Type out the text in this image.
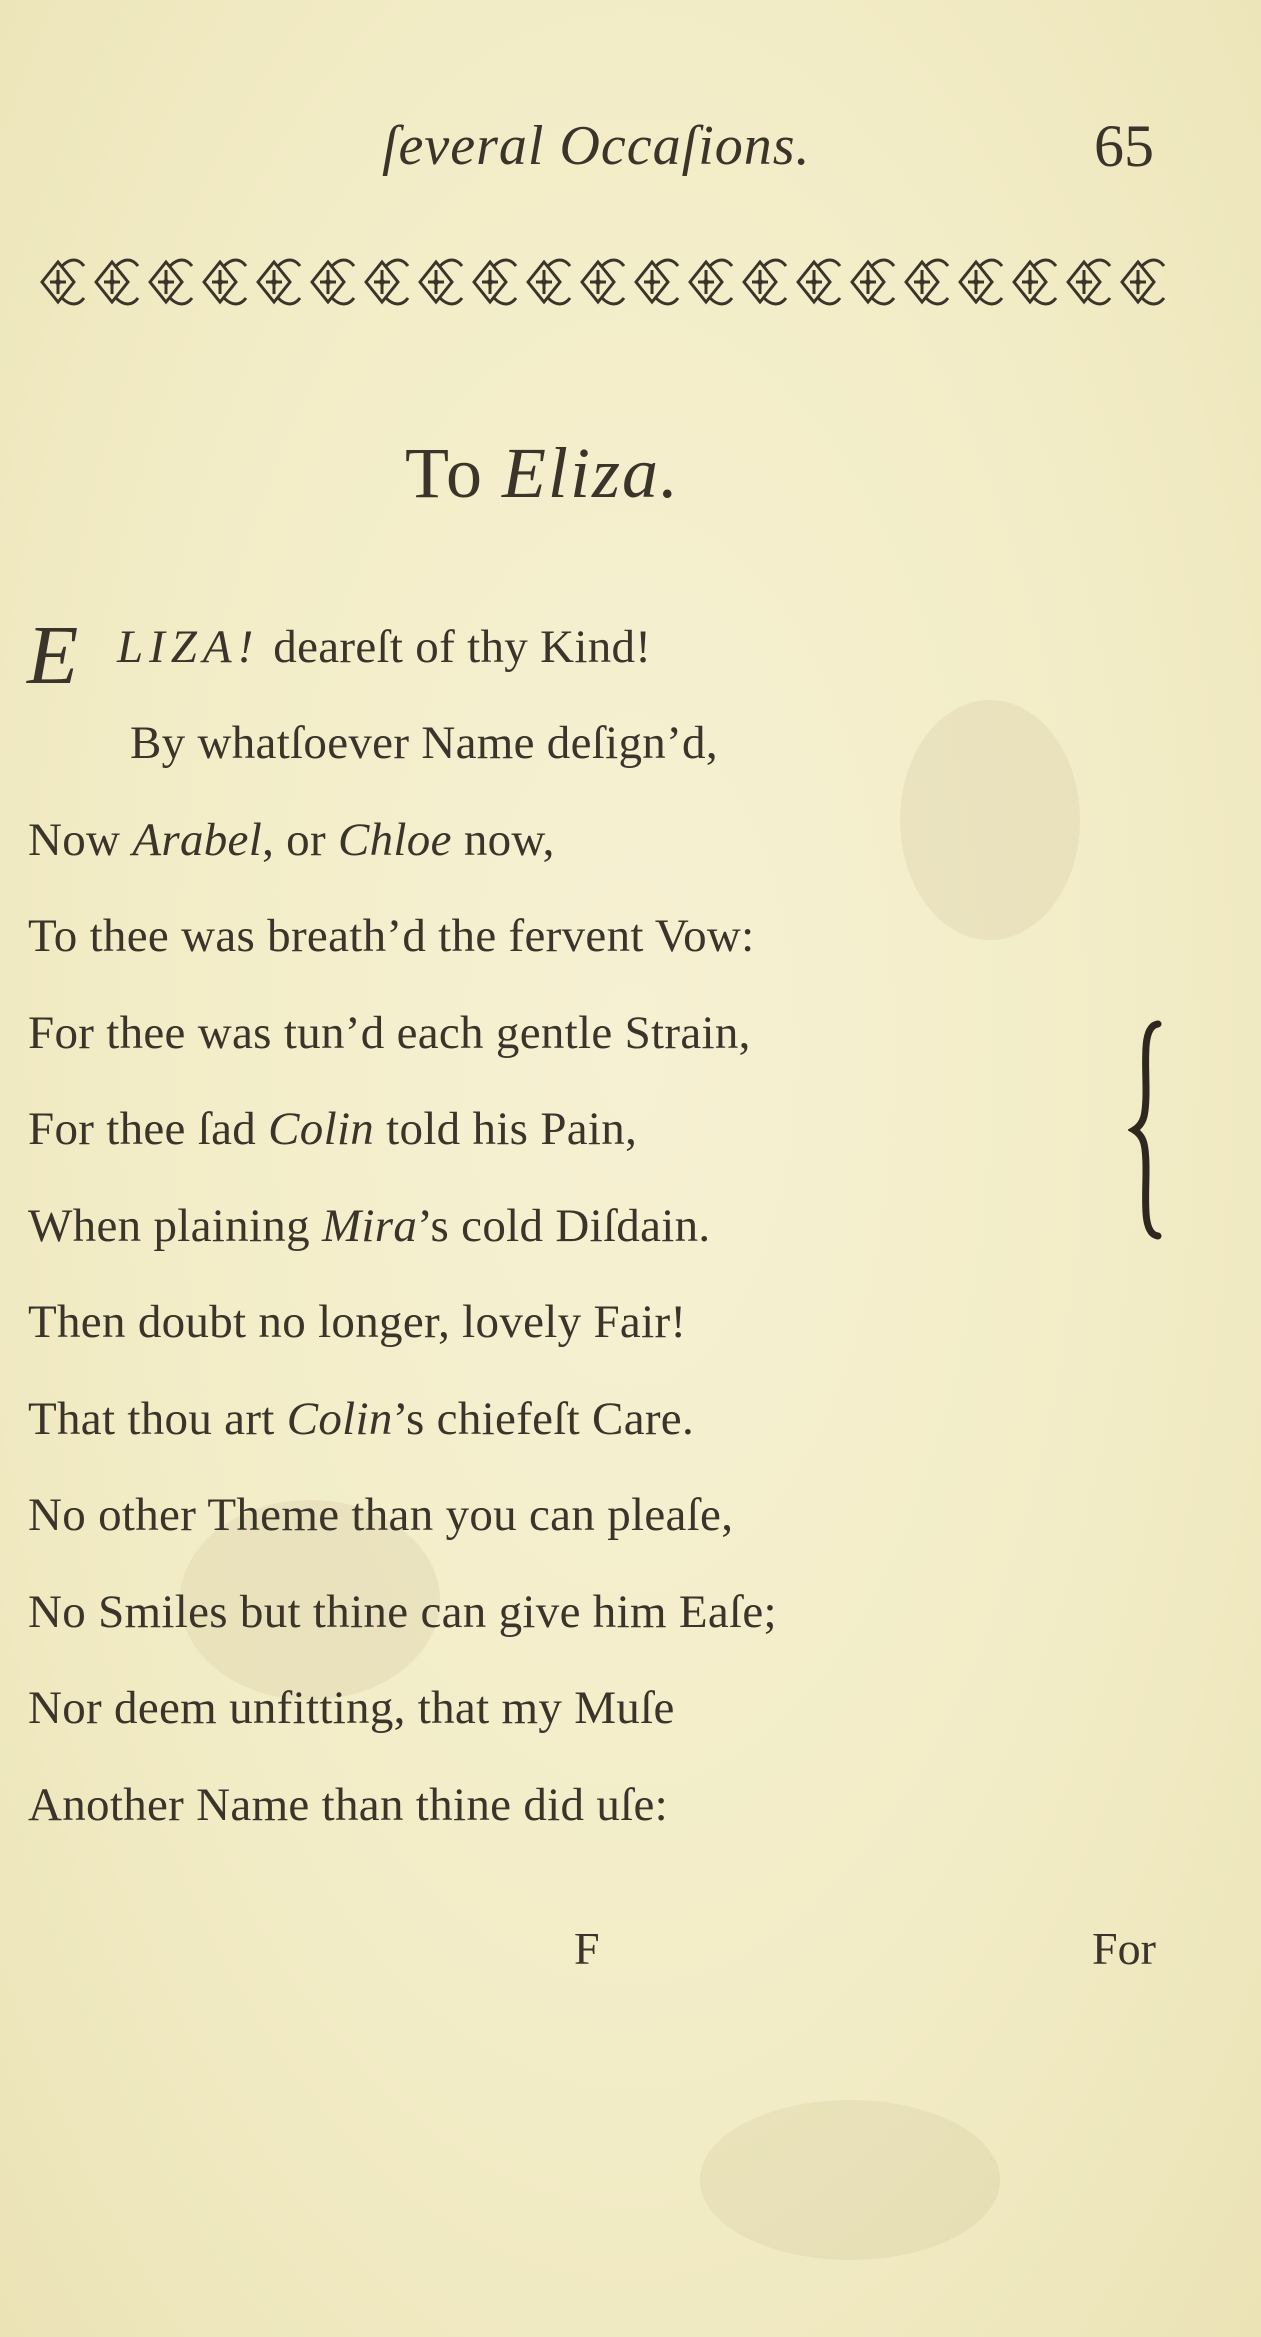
ſeveral Occaſions.	65
To Eliza.
E LIZA! deareſt of thy Kind!
F	For
By whatſoever Name deſign’d,
Now Arabel, or Chloe now,
To thee was breath’d the fervent Vow:
For thee was tun’d each gentle Strain,
For thee ſad Colin told his Pain,
When plaining Mira’s cold Diſdain.
Then doubt no longer, lovely Fair!
That thou art Colin’s chiefeſt Care.
No other Theme than you can pleaſe,
No Smiles but thine can give him Eaſe;
Nor deem unfitting, that my Muſe
Another Name than thine did uſe:
